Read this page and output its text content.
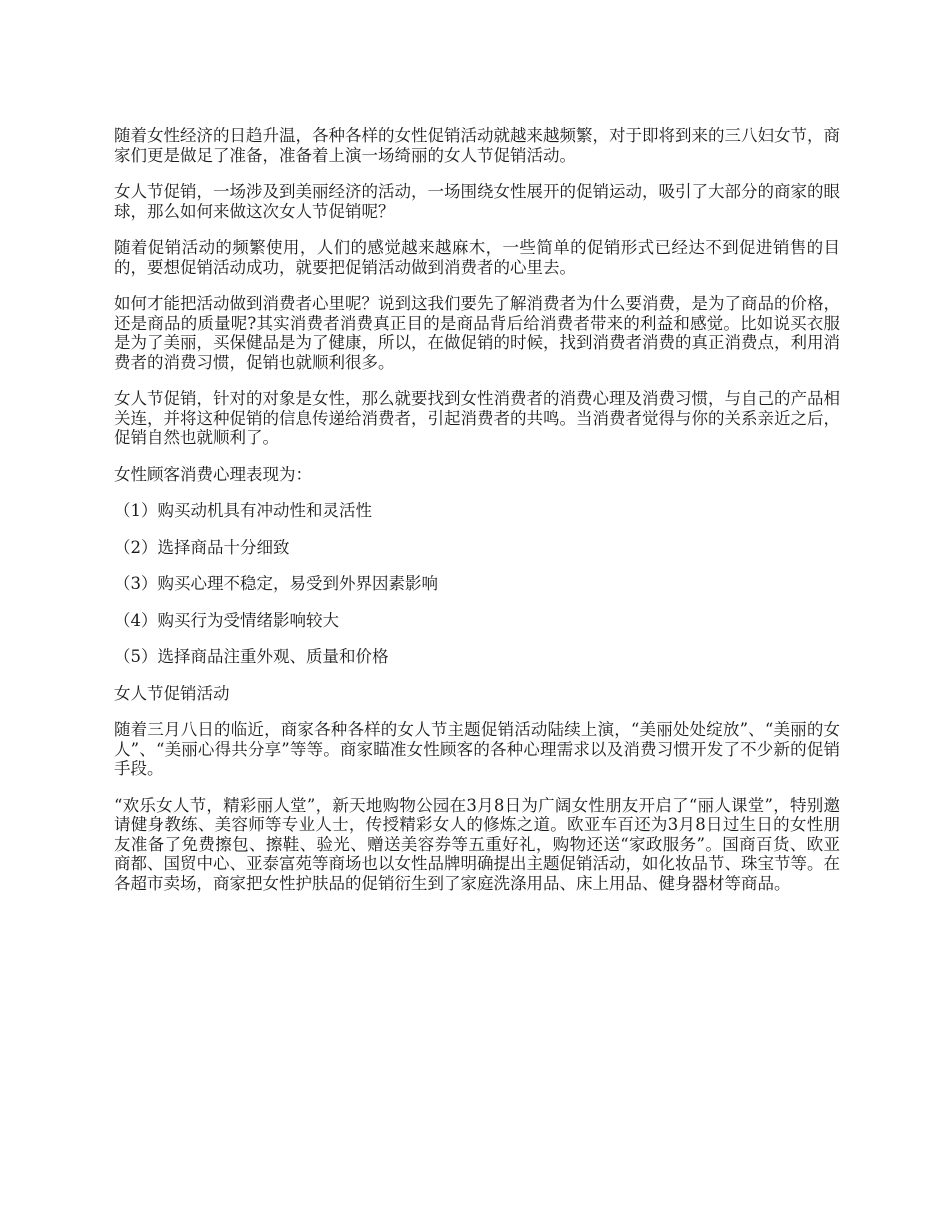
随着女性经济的日趋升温，各种各样的女性促销活动就越来越频繁，对于即将到来的三八妇女节，商家们更是做足了准备，准备着上演一场绮丽的女人节促销活动。

女人节促销，一场涉及到美丽经济的活动，一场围绕女性展开的促销运动，吸引了大部分的商家的眼球，那么如何来做这次女人节促销呢？

随着促销活动的频繁使用，人们的感觉越来越麻木，一些简单的促销形式已经达不到促进销售的目的，要想促销活动成功，就要把促销活动做到消费者的心里去。

如何才能把活动做到消费者心里呢？说到这我们要先了解消费者为什么要消费，是为了商品的价格，还是商品的质量呢?其实消费者消费真正目的是商品背后给消费者带来的利益和感觉。比如说买衣服是为了美丽，买保健品是为了健康，所以，在做促销的时候，找到消费者消费的真正消费点，利用消费者的消费习惯，促销也就顺利很多。

女人节促销，针对的对象是女性，那么就要找到女性消费者的消费心理及消费习惯，与自己的产品相关连，并将这种促销的信息传递给消费者，引起消费者的共鸣。当消费者觉得与你的关系亲近之后，促销自然也就顺利了。

女性顾客消费心理表现为：

（1）购买动机具有冲动性和灵活性

（2）选择商品十分细致

（3）购买心理不稳定，易受到外界因素影响

（4）购买行为受情绪影响较大

（5）选择商品注重外观、质量和价格

女人节促销活动

随着三月八日的临近，商家各种各样的女人节主题促销活动陆续上演，“美丽处处绽放”、“美丽的女人”、“美丽心得共分享”等等。商家瞄准女性顾客的各种心理需求以及消费习惯开发了不少新的促销手段。

“欢乐女人节，精彩丽人堂”，新天地购物公园在3月8日为广阔女性朋友开启了“丽人课堂”，特别邀请健身教练、美容师等专业人士，传授精彩女人的修炼之道。欧亚车百还为3月8日过生日的女性朋友准备了免费擦包、擦鞋、验光、赠送美容券等五重好礼，购物还送“家政服务”。国商百货、欧亚商都、国贸中心、亚泰富苑等商场也以女性品牌明确提出主题促销活动，如化妆品节、珠宝节等。在各超市卖场，商家把女性护肤品的促销衍生到了家庭洗涤用品、床上用品、健身器材等商品。
